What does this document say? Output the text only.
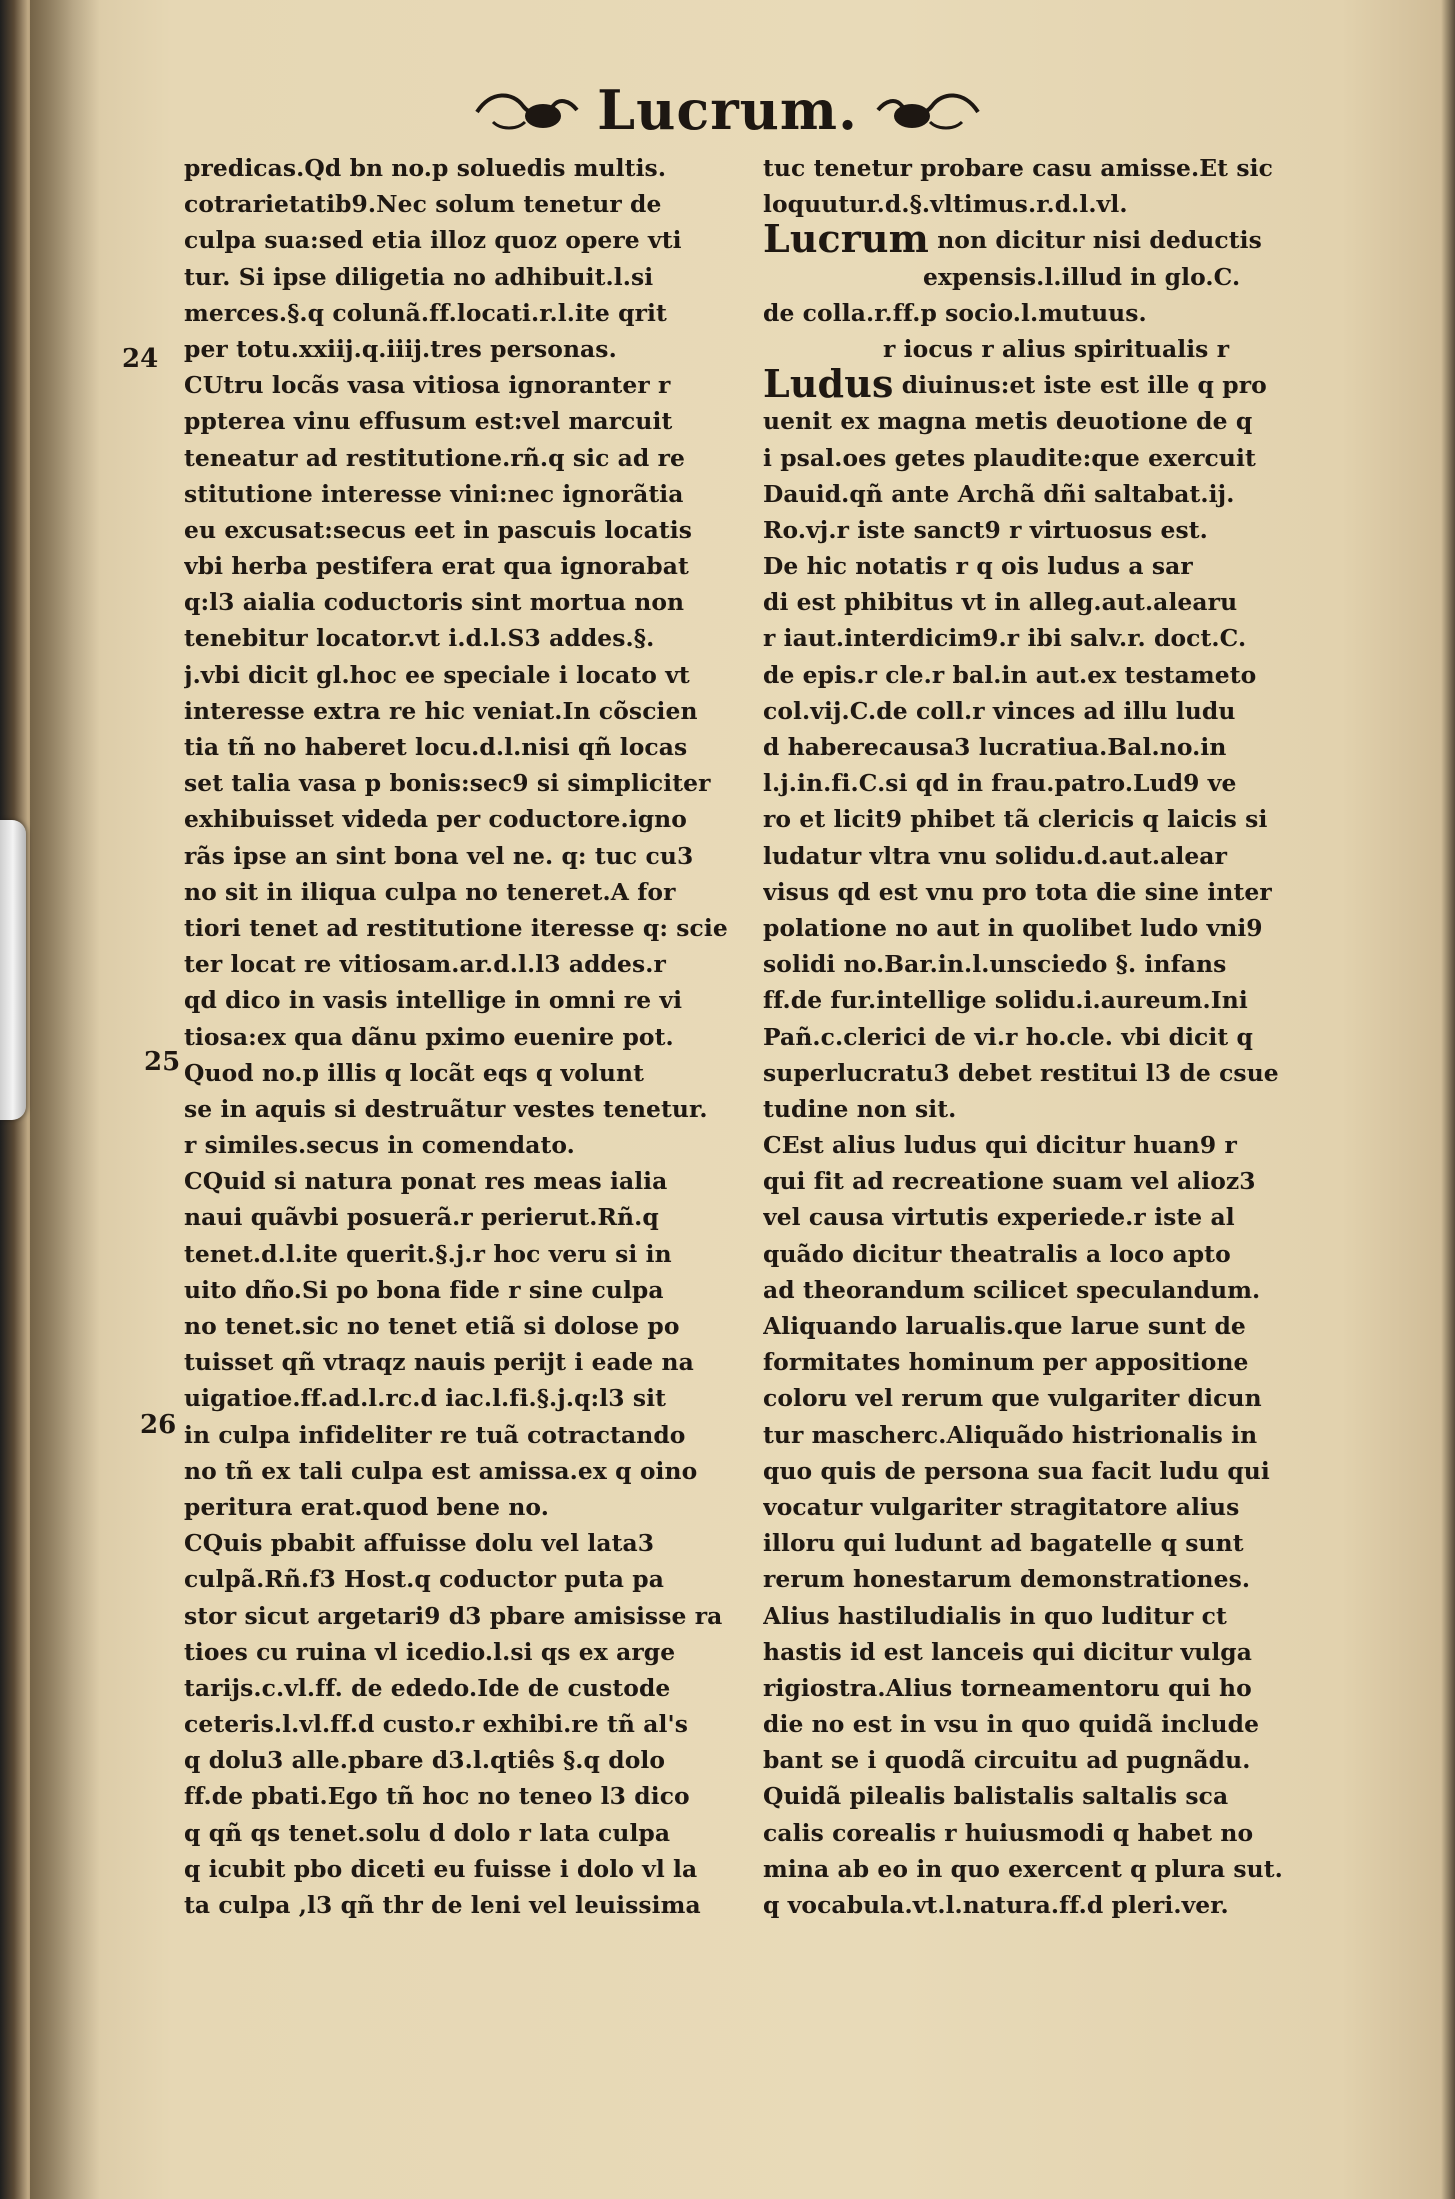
Lucrum.
24
25
26
predicas.Qd bn no.p soluedis multis.
cotrarietatib9.Nec solum tenetur de
culpa sua:sed etia illoz quoz opere vti
tur. Si ipse diligetia no adhibuit.l.si
merces.§.q colunã.ff.locati.r.l.ite qrit
per totu.xxiij.q.iiij.tres personas.
CUtru locãs vasa vitiosa ignoranter r
ppterea vinu effusum est:vel marcuit
teneatur ad restitutione.rñ.q sic ad re
stitutione interesse vini:nec ignorãtia
eu excusat:secus eet in pascuis locatis
vbi herba pestifera erat qua ignorabat
q:l3 aialia coductoris sint mortua non
tenebitur locator.vt i.d.l.S3 addes.§.
j.vbi dicit gl.hoc ee speciale i locato vt
interesse extra re hic veniat.In cõscien
tia tñ no haberet locu.d.l.nisi qñ locas
set talia vasa p bonis:sec9 si simpliciter
exhibuisset videda per coductore.igno
rãs ipse an sint bona vel ne. q: tuc cu3
no sit in iliqua culpa no teneret.A for
tiori tenet ad restitutione iteresse q: scie
ter locat re vitiosam.ar.d.l.l3 addes.r
qd dico in vasis intellige in omni re vi
tiosa:ex qua dãnu pximo euenire pot.
Quod no.p illis q locãt eqs q volunt
se in aquis si destruãtur vestes tenetur.
r similes.secus in comendato.
CQuid si natura ponat res meas ialia
naui quãvbi posuerã.r perierut.Rñ.q
tenet.d.l.ite querit.§.j.r hoc veru si in
uito dño.Si po bona fide r sine culpa
no tenet.sic no tenet etiã si dolose po
tuisset qñ vtraqz nauis perijt i eade na
uigatioe.ff.ad.l.rc.d iac.l.fi.§.j.q:l3 sit
in culpa infideliter re tuã cotractando
no tñ ex tali culpa est amissa.ex q oino
peritura erat.quod bene no.
CQuis pbabit affuisse dolu vel lata3
culpã.Rñ.f3 Host.q coductor puta pa
stor sicut argetari9 d3 pbare amisisse ra
tioes cu ruina vl icedio.l.si qs ex arge
tarijs.c.vl.ff. de ededo.Ide de custode
ceteris.l.vl.ff.d custo.r exhibi.re tñ al's
q dolu3 alle.pbare d3.l.qtiês §.q dolo
ff.de pbati.Ego tñ hoc no teneo l3 dico
q qñ qs tenet.solu d dolo r lata culpa
q icubit pbo diceti eu fuisse i dolo vl la
ta culpa ,l3 qñ thr de leni vel leuissima
tuc tenetur probare casu amisse.Et sic
loquutur.d.§.vltimus.r.d.l.vl.
Lucrum non dicitur nisi deductis
expensis.l.illud in glo.C.
de colla.r.ff.p socio.l.mutuus.
r iocus r alius spiritualis r
Ludus diuinus:et iste est ille q pro
uenit ex magna metis deuotione de q
i psal.oes getes plaudite:que exercuit
Dauid.qñ ante Archã dñi saltabat.ij.
Ro.vj.r iste sanct9 r virtuosus est.
De hic notatis r q ois ludus a sar
di est phibitus vt in alleg.aut.alearu
r iaut.interdicim9.r ibi salv.r. doct.C.
de epis.r cle.r bal.in aut.ex testameto
col.vij.C.de coll.r vinces ad illu ludu
d haberecausa3 lucratiua.Bal.no.in
l.j.in.fi.C.si qd in frau.patro.Lud9 ve
ro et licit9 phibet tã clericis q laicis si
ludatur vltra vnu solidu.d.aut.alear
visus qd est vnu pro tota die sine inter
polatione no aut in quolibet ludo vni9
solidi no.Bar.in.l.unsciedo §. infans
ff.de fur.intellige solidu.i.aureum.Ini
Pañ.c.clerici de vi.r ho.cle. vbi dicit q
superlucratu3 debet restitui l3 de csue
tudine non sit.
CEst alius ludus qui dicitur huan9 r
qui fit ad recreatione suam vel alioz3
vel causa virtutis experiede.r iste al
quãdo dicitur theatralis a loco apto
ad theorandum scilicet speculandum.
Aliquando larualis.que larue sunt de
formitates hominum per appositione
coloru vel rerum que vulgariter dicun
tur mascherc.Aliquãdo histrionalis in
quo quis de persona sua facit ludu qui
vocatur vulgariter stragitatore alius
illoru qui ludunt ad bagatelle q sunt
rerum honestarum demonstrationes.
Alius hastiludialis in quo luditur ct
hastis id est lanceis qui dicitur vulga
rigiostra.Alius torneamentoru qui ho
die no est in vsu in quo quidã include
bant se i quodã circuitu ad pugnãdu.
Quidã pilealis balistalis saltalis sca
calis corealis r huiusmodi q habet no
mina ab eo in quo exercent q plura sut.
q vocabula.vt.l.natura.ff.d pleri.ver.
